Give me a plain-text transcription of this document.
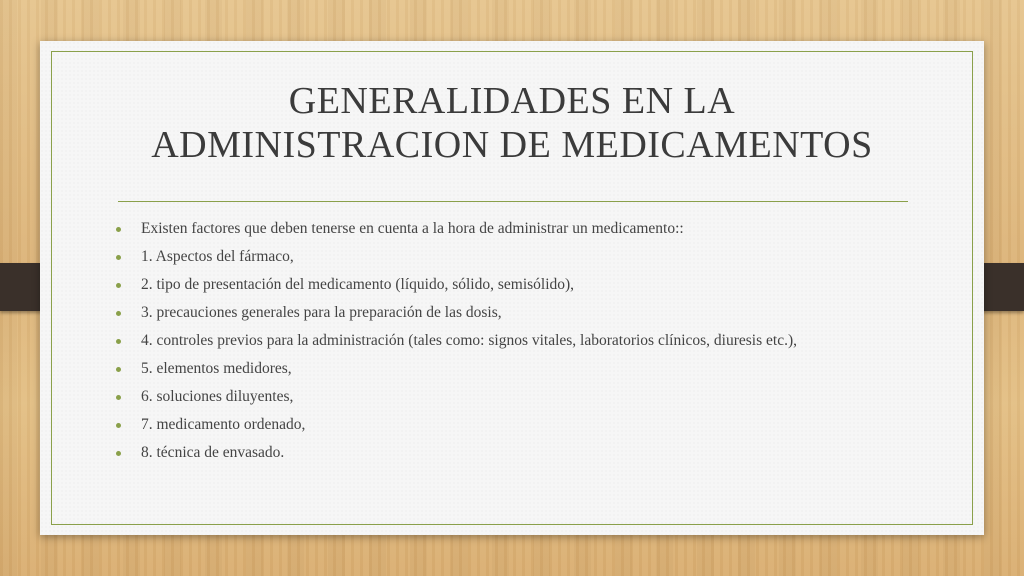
GENERALIDADES EN LA
ADMINISTRACION DE MEDICAMENTOS
Existen factores que deben tenerse en cuenta a la hora de administrar un medicamento::
1. Aspectos del fármaco,
2. tipo de presentación del medicamento (líquido, sólido, semisólido),
3. precauciones generales para la preparación de las dosis,
4. controles previos para la administración (tales como: signos vitales, laboratorios clínicos, diuresis etc.),
5. elementos medidores,
6. soluciones diluyentes,
7. medicamento ordenado,
8. técnica de envasado.
